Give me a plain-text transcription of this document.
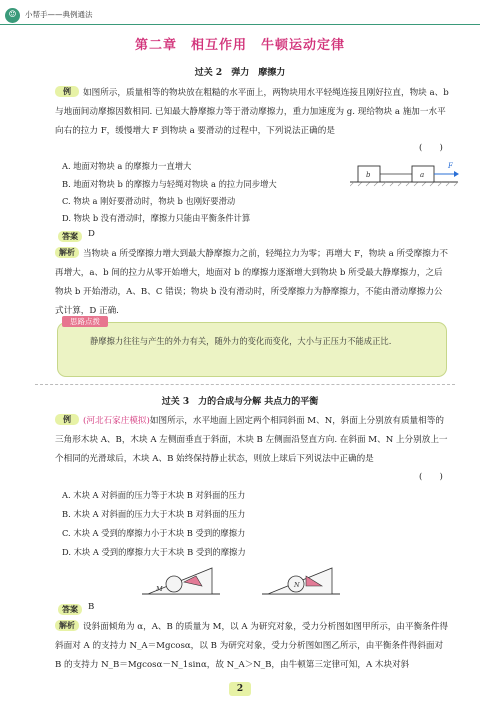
☺	小帮手——典例通法
第二章　相互作用　牛顿运动定律
过关 2　弹力　摩擦力
例 如图所示，质量相等的物块放在粗糙的水平面上，两物块用水平轻绳连接且刚好拉直，物块 a、b 与地面间动摩擦因数相同. 已知最大静摩擦力等于滑动摩擦力，重力加速度为 g. 现给物块 a 施加一水平向右的拉力 F，缓慢增大 F 到物块 a 要滑动的过程中，下列说法正确的是
(　　)
A. 地面对物块 a 的摩擦力一直增大
B. 地面对物块 b 的摩擦力与轻绳对物块 a 的拉力同步增大
C. 物块 a 刚好要滑动时，物块 b 也刚好要滑动
D. 物块 b 没有滑动时，摩擦力只能由平衡条件计算
b	a
F
答案	D
解析 当物块 a 所受摩擦力增大到最大静摩擦力之前，轻绳拉力为零；再增大 F，物块 a 所受摩擦力不再增大，a、b 间的拉力从零开始增大，地面对 b 的摩擦力逐渐增大到物块 b 所受最大静摩擦力，之后物块 b 开始滑动，A、B、C 错误；物块 b 没有滑动时，所受摩擦力为静摩擦力，不能由滑动摩擦力公式计算，D 正确.
思路点拨
静摩擦力往往与产生的外力有关，随外力的变化而变化，大小与正压力不能成正比.
过关 3　力的合成与分解 共点力的平衡
例 (河北石家庄模拟)如图所示，水平地面上固定两个相同斜面 M、N，斜面上分别放有质量相等的三角形木块 A、B，木块 A 左侧面垂直于斜面，木块 B 左侧面沿竖直方向. 在斜面 M、N 上分别放上一个相同的光滑球后，木块 A、B 始终保持静止状态，则放上球后下列说法中正确的是
(　　)
A. 木块 A 对斜面的压力等于木块 B 对斜面的压力
B. 木块 A 对斜面的压力大于木块 B 对斜面的压力
C. 木块 A 受到的摩擦力小于木块 B 受到的摩擦力
D. 木块 A 受到的摩擦力大于木块 B 受到的摩擦力
M	N
答案	B
解析 设斜面倾角为 α，A、B 的质量为 M，以 A 为研究对象，受力分析图如图甲所示，由平衡条件得斜面对 A 的支持力 N_A＝Mgcosα，以 B 为研究对象，受力分析图如图乙所示，由平衡条件得斜面对 B 的支持力 N_B＝Mgcosα－N_1sinα，故 N_A＞N_B，由牛顿第三定律可知，A 木块对斜
2
